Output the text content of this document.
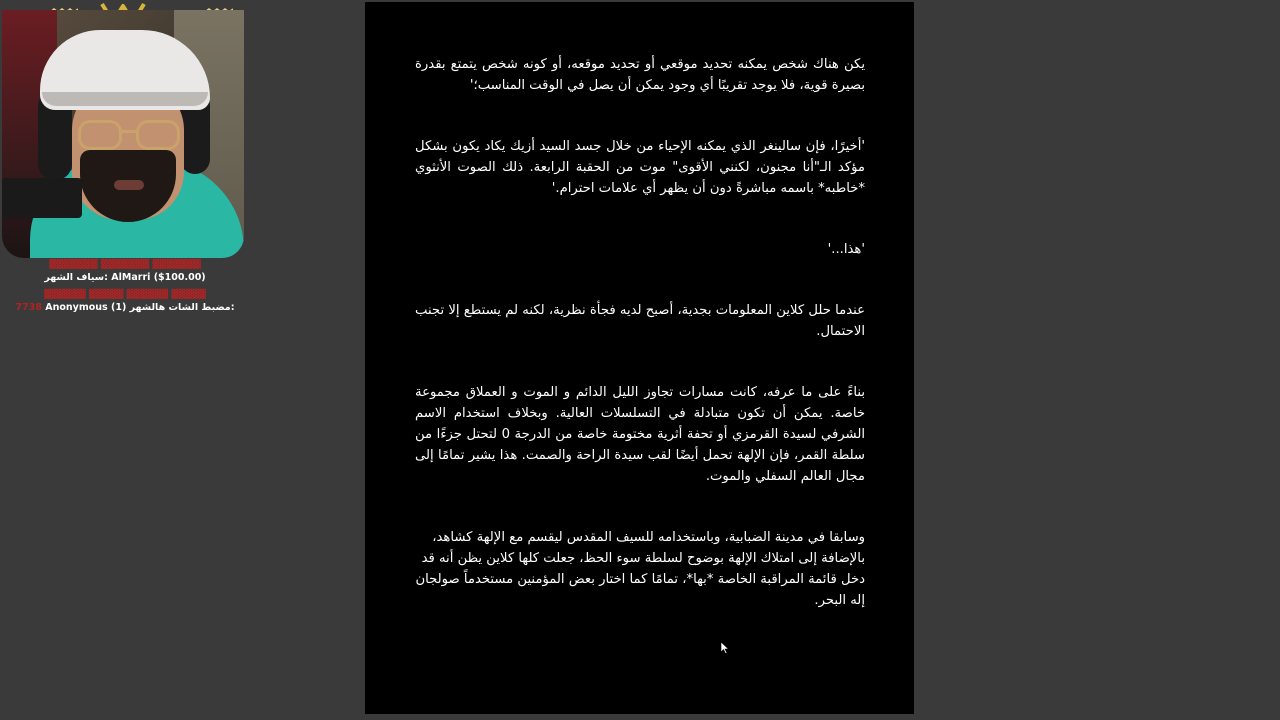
▓▓▓▓▓▓▓ ▓▓▓▓▓▓▓ ▓▓▓▓▓▓▓
سياف الشهر: AlMarri ($100.00)
▓▓▓▓▓▓ ▓▓▓▓▓ ▓▓▓▓▓▓ ▓▓▓▓▓
7738 Anonymous (1) مضبط الشات هالشهر:

يكن هناك شخص يمكنه تحديد موقعي أو تحديد موقعه، أو كونه شخص يتمتع بقدرة بصيرة قوية، فلا يوجد تقريبًا أي وجود يمكن أن يصل في الوقت المناسب؛'

'أخيرًا، فإن سالينغر الذي يمكنه الإحياء من خلال جسد السيد أزيك يكاد يكون بشكل مؤكد الـ"أنا مجنون، لكنني الأقوى" موت من الحقبة الرابعة. ذلك الصوت الأنثوي *خاطبه* باسمه مباشرةً دون أن يظهر أي علامات احترام.'

'هذا...'

عندما حلل كلاين المعلومات بجدية، أصبح لديه فجأة نظرية، لكنه لم يستطع إلا تجنب الاحتمال.

بناءً على ما عرفه، كانت مسارات تجاوز الليل الدائم و الموت و العملاق مجموعة خاصة. يمكن أن تكون متبادلة في التسلسلات العالية. وبخلاف استخدام الاسم الشرفي لسيدة القرمزي أو تحفة أثرية مختومة خاصة من الدرجة 0 لتحتل جزءًا من سلطة القمر، فإن الإلهة تحمل أيضًا لقب سيدة الراحة والصمت. هذا يشير تمامًا إلى مجال العالم السفلي والموت.

وسابقا في مدينة الضبابية، وباستخدامه للسيف المقدس ليقسم مع الإلهة كشاهد، بالإضافة إلى امتلاك الإلهة بوضوح لسلطة سوء الحظ، جعلت كلها كلاين يظن أنه قد دخل قائمة المراقبة الخاصة *بها*، تمامًا كما اختار بعض المؤمنين مستخدماً صولجان إله البحر.
